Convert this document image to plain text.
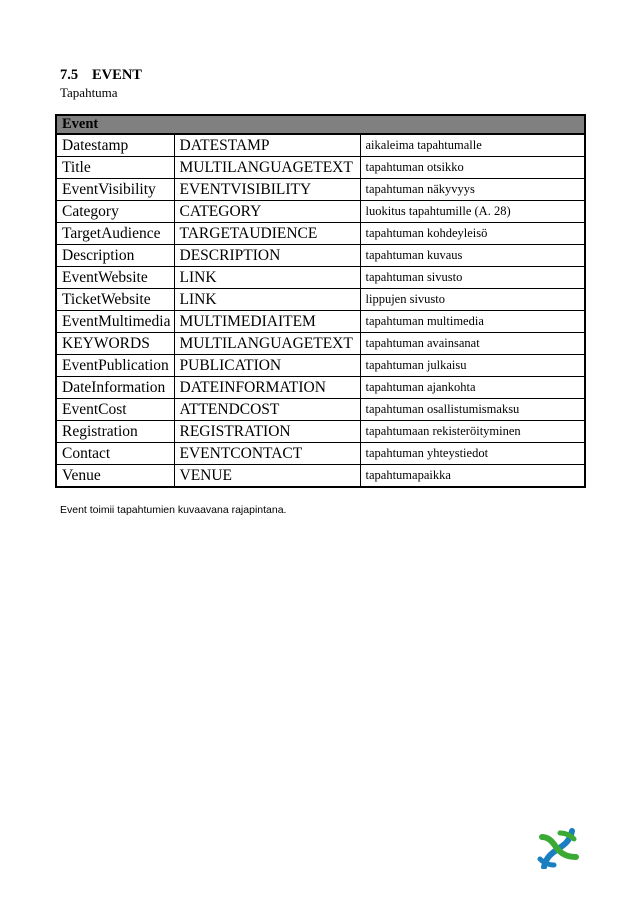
7.5 EVENT
Tapahtuma
Event		
Datestamp	DATESTAMP	aikaleima tapahtumalle
Title	MULTILANGUAGETEXT	tapahtuman otsikko
EventVisibility	EVENTVISIBILITY	tapahtuman näkyvyys
Category	CATEGORY	luokitus tapahtumille (A. 28)
TargetAudience	TARGETAUDIENCE	tapahtuman kohdeyleisö
Description	DESCRIPTION	tapahtuman kuvaus
EventWebsite	LINK	tapahtuman sivusto
TicketWebsite	LINK	lippujen sivusto
EventMultimedia	MULTIMEDIAITEM	tapahtuman multimedia
KEYWORDS	MULTILANGUAGETEXT	tapahtuman avainsanat
EventPublication	PUBLICATION	tapahtuman julkaisu
DateInformation	DATEINFORMATION	tapahtuman ajankohta
EventCost	ATTENDCOST	tapahtuman osallistumismaksu
Registration	REGISTRATION	tapahtumaan rekisteröityminen
Contact	EVENTCONTACT	tapahtuman yhteystiedot
Venue	VENUE	tapahtumapaikka
Event toimii tapahtumien kuvaavana rajapintana.
